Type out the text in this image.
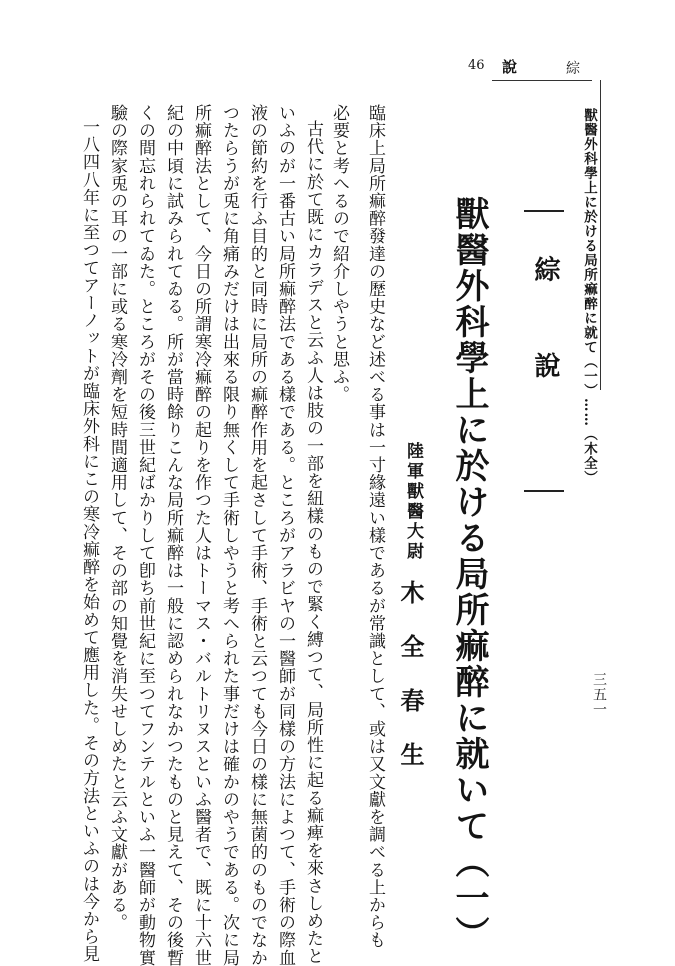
46 說	綜
獸醫外科學上に於ける局所痲醉に就て（一）……（木全）
綜說
獸醫外科學上に於ける局所痲醉に就いて（一）
陸軍獸醫大尉
木全春生	三五一
臨床上局所痲醉發達の歷史など述べる事は一寸緣遠い樣であるが常識として、或は又文獻を調べる上からも
必要と考へるので紹介しやうと思ふ。
古代に於て既にカラデスと云ふ人は肢の一部を紐樣のもので緊く縛つて、局所性に起る痲痺を來さしめたと
いふのが一番古い局所痲醉法である樣である。ところがアラビヤの一醫師が同樣の方法によつて、手術の際血
液の節約を行ふ目的と同時に局所の痲醉作用を起さして手術、手術と云つても今日の樣に無菌的のものでなか
つたらうが兎に角痛みだけは出來る限り無くして手術しやうと考へられた事だけは確かのやうである。次に局
所痲醉法として、今日の所謂寒冷痲醉の起りを作つた人はトーマス・バルトリヌスといふ醫者で、既に十六世
紀の中頃に試みられてゐる。所が當時餘りこんな局所痲醉は一般に認められなかつたものと見えて、その後暫
くの間忘れられてゐた。ところがその後三世紀ばかりして卽ち前世紀に至つてフンテルといふ一醫師が動物實
驗の際家兎の耳の一部に或る寒冷劑を短時間適用して、その部の知覺を消失せしめたと云ふ文獻がある。
一八四八年に至つてアーノットが臨床外科にこの寒冷痲醉を始めて應用した。その方法といふのは今から見
